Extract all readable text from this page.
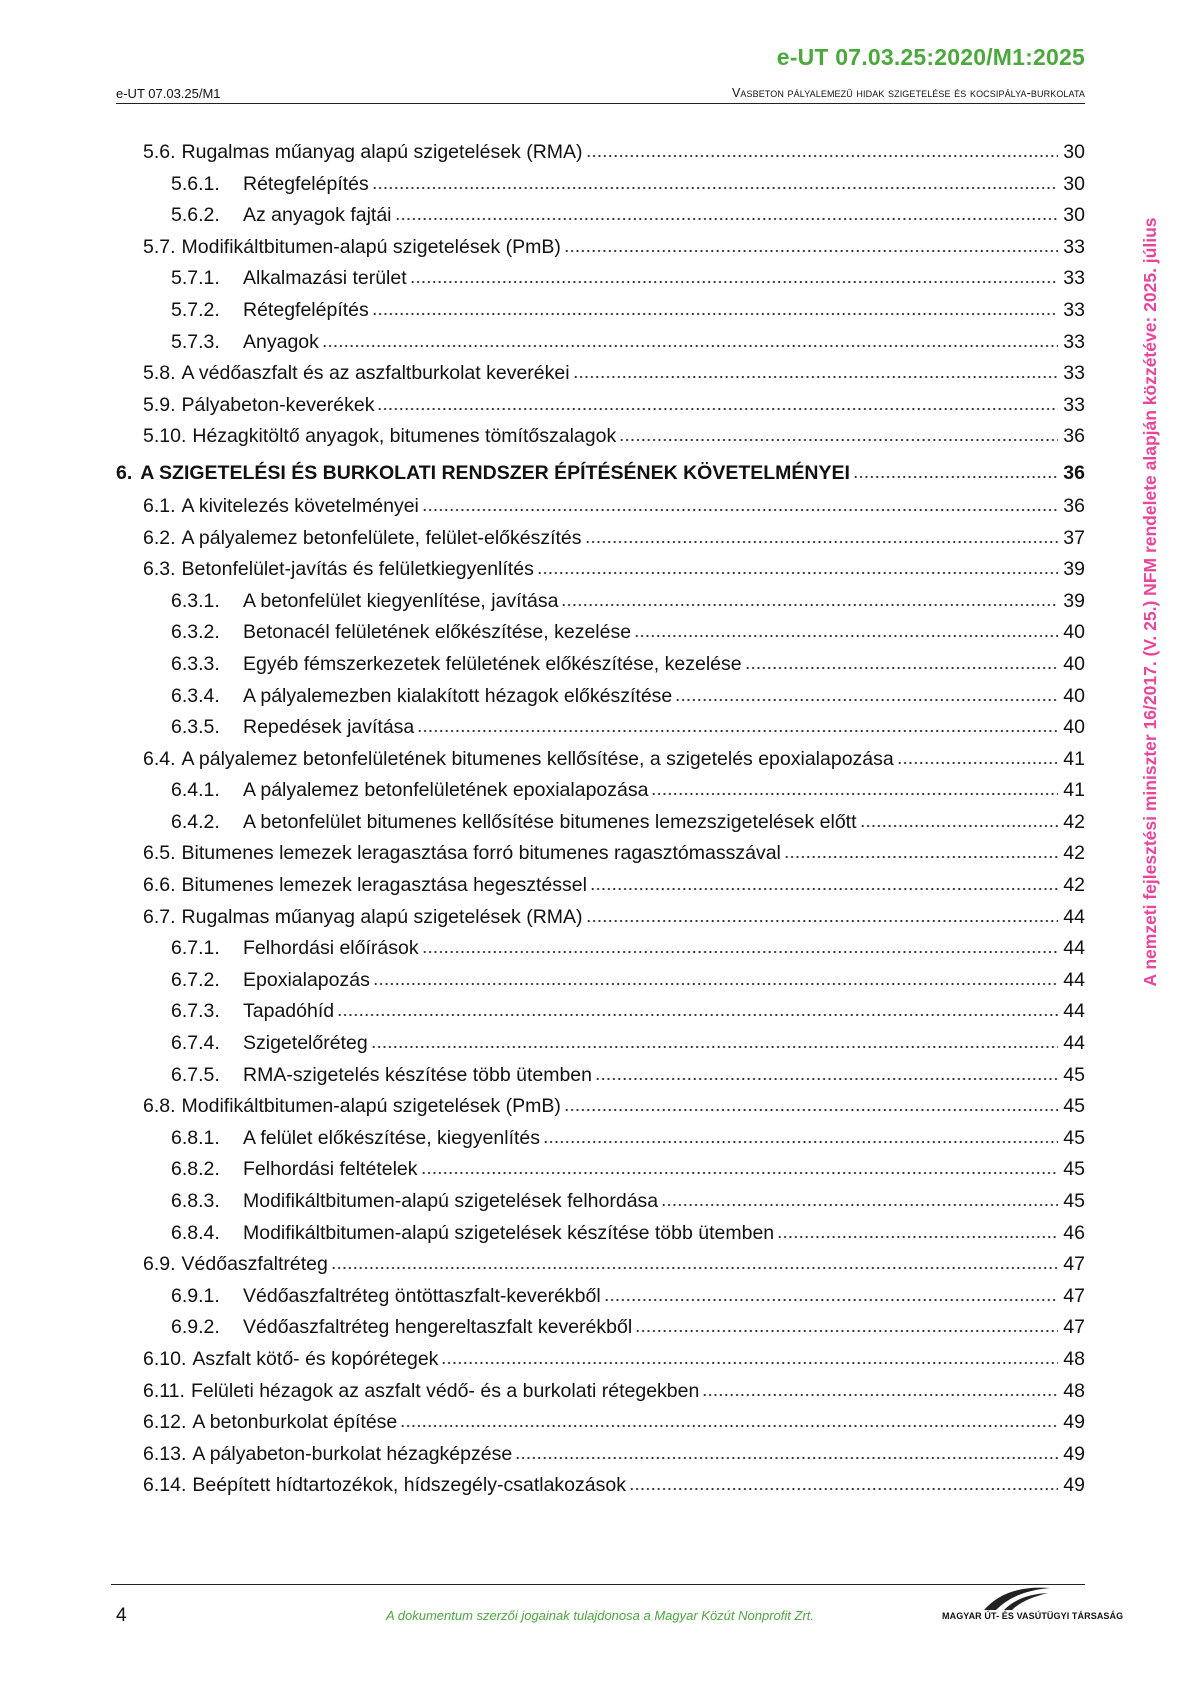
e-UT 07.03.25:2020/M1:2025
e-UT 07.03.25/M1	Vasbeton pályalemezű hidak szigetelése és kocsipálya-burkolata
5.6. Rugalmas műanyag alapú szigetelések (RMA)	30
5.6.1.	Rétegfelépítés	30
5.6.2.	Az anyagok fajtái	30
5.7. Modifikáltbitumen-alapú szigetelések (PmB)	33
5.7.1.	Alkalmazási terület	33
5.7.2.	Rétegfelépítés	33
5.7.3.	Anyagok	33
5.8. A védőaszfalt és az aszfaltburkolat keverékei	33
5.9. Pályabeton-keverékek	33
5.10. Hézagkitöltő anyagok, bitumenes tömítőszalagok	36
6. A SZIGETELÉSI ÉS BURKOLATI RENDSZER ÉPÍTÉSÉNEK KÖVETELMÉNYEI	36
6.1. A kivitelezés követelményei	36
6.2. A pályalemez betonfelülete, felület-előkészítés	37
6.3. Betonfelület-javítás és felületkiegyenlítés	39
6.3.1.	A betonfelület kiegyenlítése, javítása	39
6.3.2.	Betonacél felületének előkészítése, kezelése	40
6.3.3.	Egyéb fémszerkezetek felületének előkészítése, kezelése	40
6.3.4.	A pályalemezben kialakított hézagok előkészítése	40
6.3.5.	Repedések javítása	40
6.4. A pályalemez betonfelületének bitumenes kellősítése, a szigetelés epoxialapozása	41
6.4.1.	A pályalemez betonfelületének epoxialapozása	41
6.4.2.	A betonfelület bitumenes kellősítése bitumenes lemezszigetelések előtt	42
6.5. Bitumenes lemezek leragasztása forró bitumenes ragasztómasszával	42
6.6. Bitumenes lemezek leragasztása hegesztéssel	42
6.7. Rugalmas műanyag alapú szigetelések (RMA)	44
6.7.1.	Felhordási előírások	44
6.7.2.	Epoxialapozás	44
6.7.3.	Tapadóhíd	44
6.7.4.	Szigetelőréteg	44
6.7.5.	RMA-szigetelés készítése több ütemben	45
6.8. Modifikáltbitumen-alapú szigetelések (PmB)	45
6.8.1.	A felület előkészítése, kiegyenlítés	45
6.8.2.	Felhordási feltételek	45
6.8.3.	Modifikáltbitumen-alapú szigetelések felhordása	45
6.8.4.	Modifikáltbitumen-alapú szigetelések készítése több ütemben	46
6.9. Védőaszfaltréteg	47
6.9.1.	Védőaszfaltréteg öntöttaszfalt-keverékből	47
6.9.2.	Védőaszfaltréteg hengereltaszfalt keverékből	47
6.10. Aszfalt kötő- és kopórétegek	48
6.11. Felületi hézagok az aszfalt védő- és a burkolati rétegekben	48
6.12. A betonburkolat építése	49
6.13. A pályabeton-burkolat hézagképzése	49
6.14. Beépített hídtartozékok, hídszegély-csatlakozások	49
A nemzeti fejlesztési miniszter 16/2017. (V. 25.) NFM rendelete alapján közzétéve: 2025. július
4	A dokumentum szerzői jogainak tulajdonosa a Magyar Közút Nonprofit Zrt.	MAGYAR ÚT- ÉS VASÚTÜGYI TÁRSASÁG
